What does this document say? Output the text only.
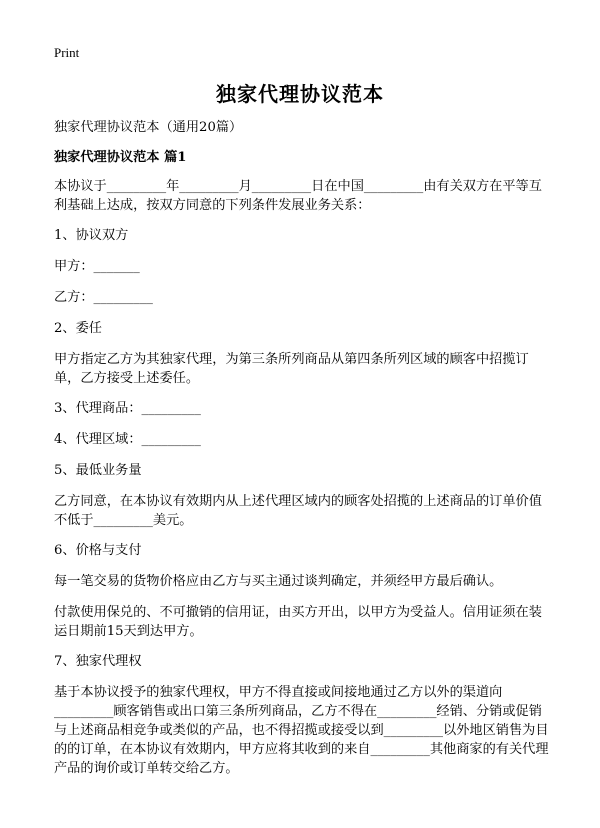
Print
独家代理协议范本

独家代理协议范本（通用20篇）

独家代理协议范本 篇1

本协议于_________年_________月_________日在中国_________由有关双方在平等互利基础上达成，按双方同意的下列条件发展业务关系：

1、协议双方

甲方：_______

乙方：_________

2、委任

甲方指定乙方为其独家代理，为第三条所列商品从第四条所列区域的顾客中招揽订单，乙方接受上述委任。

3、代理商品：_________

4、代理区域：_________

5、最低业务量

乙方同意，在本协议有效期内从上述代理区域内的顾客处招揽的上述商品的订单价值不低于_________美元。

6、价格与支付

每一笔交易的货物价格应由乙方与买主通过谈判确定，并须经甲方最后确认。

付款使用保兑的、不可撤销的信用证，由买方开出，以甲方为受益人。信用证须在装运日期前15天到达甲方。

7、独家代理权

基于本协议授予的独家代理权，甲方不得直接或间接地通过乙方以外的渠道向_________顾客销售或出口第三条所列商品，乙方不得在_________经销、分销或促销与上述商品相竞争或类似的产品，也不得招揽或接受以到_________以外地区销售为目的的订单，在本协议有效期内，甲方应将其收到的来自_________其他商家的有关代理产品的询价或订单转交给乙方。
